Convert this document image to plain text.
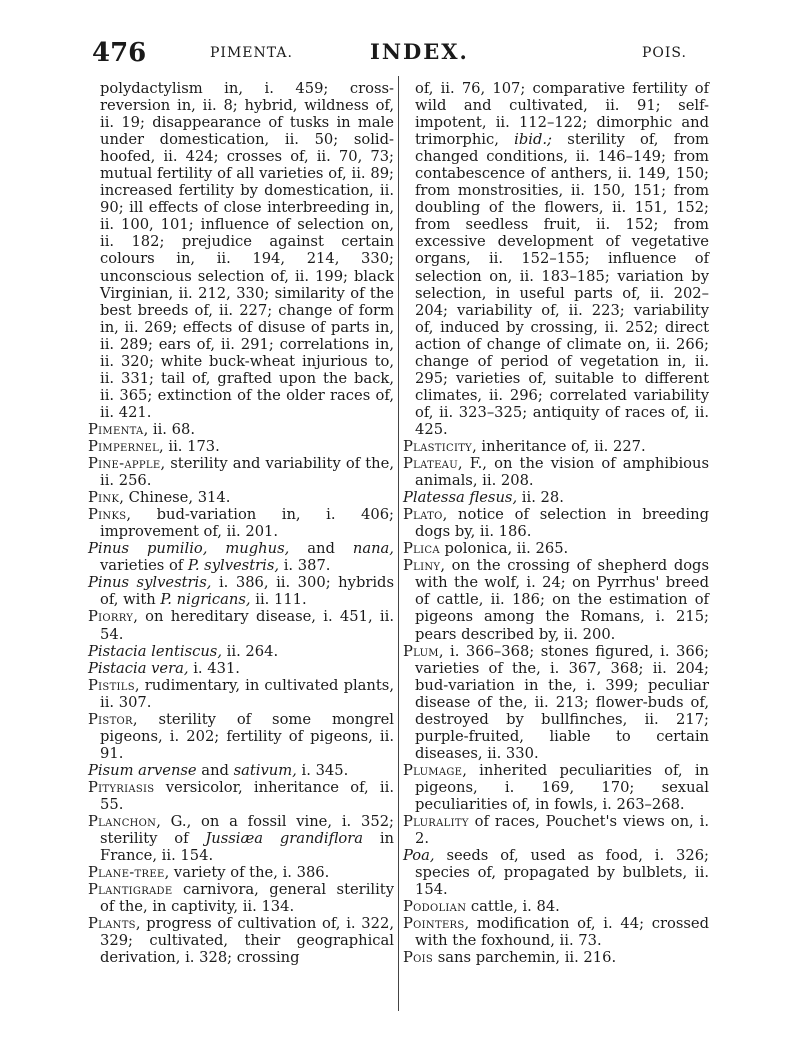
476	PIMENTA.	INDEX.	POIS.

polydactylism in, i. 459; cross-reversion in, ii. 8; hybrid, wildness of, ii. 19; disappearance of tusks in male under domestication, ii. 50; solid-hoofed, ii. 424; crosses of, ii. 70, 73; mutual fertility of all varieties of, ii. 89; increased fertility by domestication, ii. 90; ill effects of close interbreeding in, ii. 100, 101; influence of selection on, ii. 182; prejudice against certain colours in, ii. 194, 214, 330; unconscious selection of, ii. 199; black Virginian, ii. 212, 330; similarity of the best breeds of, ii. 227; change of form in, ii. 269; effects of disuse of parts in, ii. 289; ears of, ii. 291; correlations in, ii. 320; white buck-wheat injurious to, ii. 331; tail of, grafted upon the back, ii. 365; extinction of the older races of, ii. 421.

Pimenta, ii. 68.

Pimpernel, ii. 173.

Pine-apple, sterility and variability of the, ii. 256.

Pink, Chinese, 314.

Pinks, bud-variation in, i. 406; improvement of, ii. 201.

Pinus pumilio, mughus, and nana, varieties of P. sylvestris, i. 387.

Pinus sylvestris, i. 386, ii. 300; hybrids of, with P. nigricans, ii. 111.

Piorry, on hereditary disease, i. 451, ii. 54.

Pistacia lentiscus, ii. 264.

Pistacia vera, i. 431.

Pistils, rudimentary, in cultivated plants, ii. 307.

Pistor, sterility of some mongrel pigeons, i. 202; fertility of pigeons, ii. 91.

Pisum arvense and sativum, i. 345.

Pityriasis versicolor, inheritance of, ii. 55.

Planchon, G., on a fossil vine, i. 352; sterility of Jussiæa grandiflora in France, ii. 154.

Plane-tree, variety of the, i. 386.

Plantigrade carnivora, general sterility of the, in captivity, ii. 134.

Plants, progress of cultivation of, i. 322, 329; cultivated, their geographical derivation, i. 328; crossing

of, ii. 76, 107; comparative fertility of wild and cultivated, ii. 91; self-impotent, ii. 112–122; dimorphic and trimorphic, ibid.; sterility of, from changed conditions, ii. 146–149; from contabescence of anthers, ii. 149, 150; from monstrosities, ii. 150, 151; from doubling of the flowers, ii. 151, 152; from seedless fruit, ii. 152; from excessive development of vegetative organs, ii. 152–155; influence of selection on, ii. 183–185; variation by selection, in useful parts of, ii. 202–204; variability of, ii. 223; variability of, induced by crossing, ii. 252; direct action of change of climate on, ii. 266; change of period of vegetation in, ii. 295; varieties of, suitable to different climates, ii. 296; correlated variability of, ii. 323–325; antiquity of races of, ii. 425.

Plasticity, inheritance of, ii. 227.

Plateau, F., on the vision of amphibious animals, ii. 208.

Platessa flesus, ii. 28.

Plato, notice of selection in breeding dogs by, ii. 186.

Plica polonica, ii. 265.

Pliny, on the crossing of shepherd dogs with the wolf, i. 24; on Pyrrhus' breed of cattle, ii. 186; on the estimation of pigeons among the Romans, i. 215; pears described by, ii. 200.

Plum, i. 366–368; stones figured, i. 366; varieties of the, i. 367, 368; ii. 204; bud-variation in the, i. 399; peculiar disease of the, ii. 213; flower-buds of, destroyed by bullfinches, ii. 217; purple-fruited, liable to certain diseases, ii. 330.

Plumage, inherited peculiarities of, in pigeons, i. 169, 170; sexual peculiarities of, in fowls, i. 263–268.

Plurality of races, Pouchet's views on, i. 2.

Poa, seeds of, used as food, i. 326; species of, propagated by bulblets, ii. 154.

Podolian cattle, i. 84.

Pointers, modification of, i. 44; crossed with the foxhound, ii. 73.

Pois sans parchemin, ii. 216.
